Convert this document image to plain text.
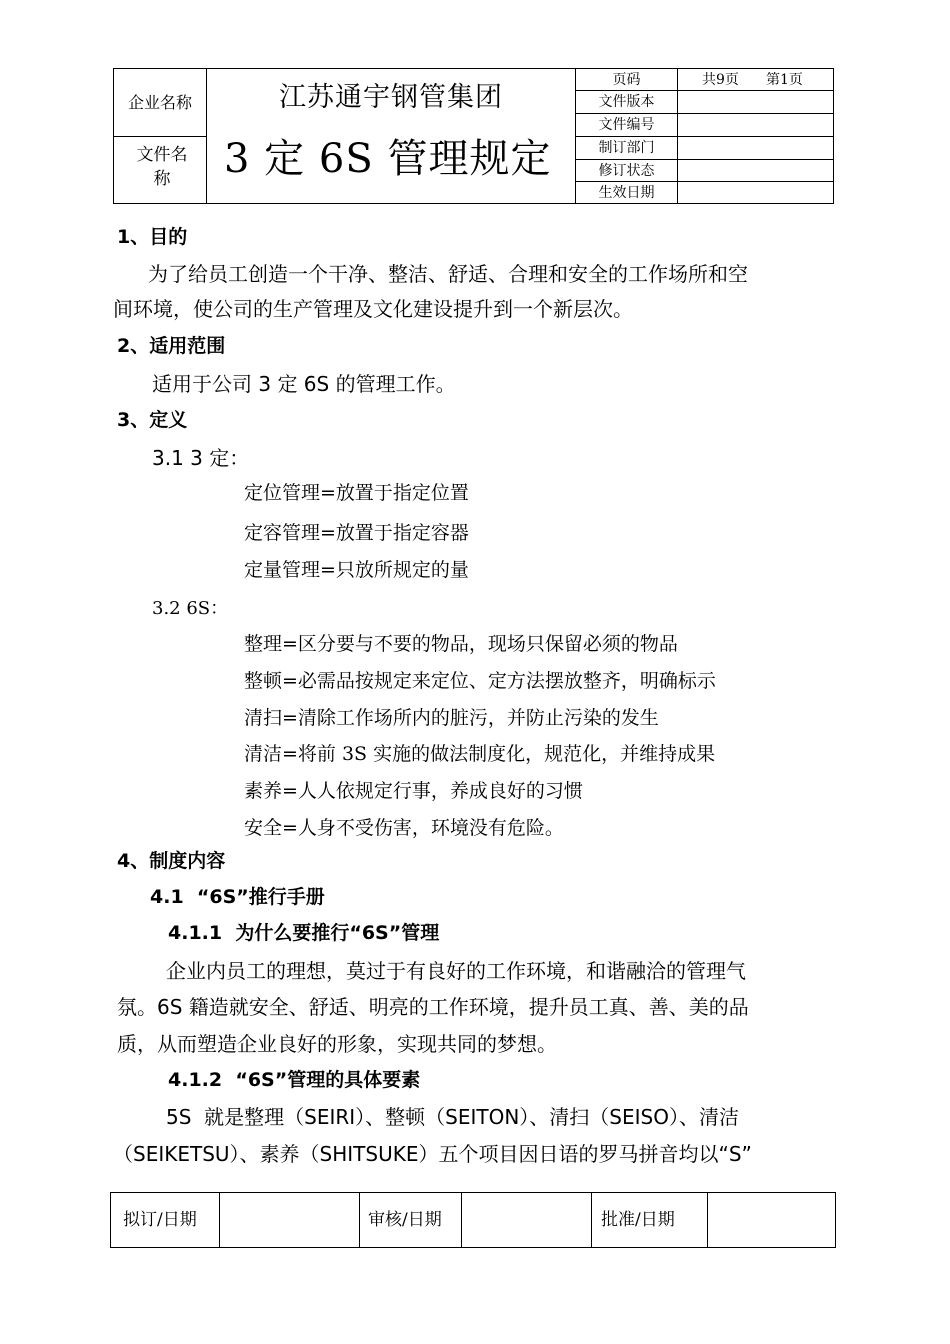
企业名称	江苏通宇钢管集团
文件名称	3 定 6S 管理规定
页码	共9页 第1页
文件版本
文件编号
制订部门
修订状态
生效日期
1、目的
为了给员工创造一个干净、整洁、舒适、合理和安全的工作场所和空
间环境，使公司的生产管理及文化建设提升到一个新层次。
2、适用范围
适用于公司 3 定 6S 的管理工作。
3、定义
3.1 3 定：
定位管理=放置于指定位置
定容管理=放置于指定容器
定量管理=只放所规定的量
3.2 6S：
整理=区分要与不要的物品，现场只保留必须的物品
整顿=必需品按规定来定位、定方法摆放整齐，明确标示
清扫=清除工作场所内的脏污，并防止污染的发生
清洁=将前 3S 实施的做法制度化，规范化，并维持成果
素养=人人依规定行事，养成良好的习惯
安全=人身不受伤害，环境没有危险。
4、制度内容
4.1  “6S”推行手册
4.1.1  为什么要推行“6S”管理
企业内员工的理想，莫过于有良好的工作环境，和谐融洽的管理气
氛。6S 籍造就安全、舒适、明亮的工作环境，提升员工真、善、美的品
质，从而塑造企业良好的形象，实现共同的梦想。
4.1.2  “6S”管理的具体要素
5S  就是整理（SEIRI）、整顿（SEITON）、清扫（SEISO）、清洁
（SEIKETSU）、素养（SHITSUKE）五个项目因日语的罗马拼音均以“S”
拟订/日期	审核/日期	批准/日期
